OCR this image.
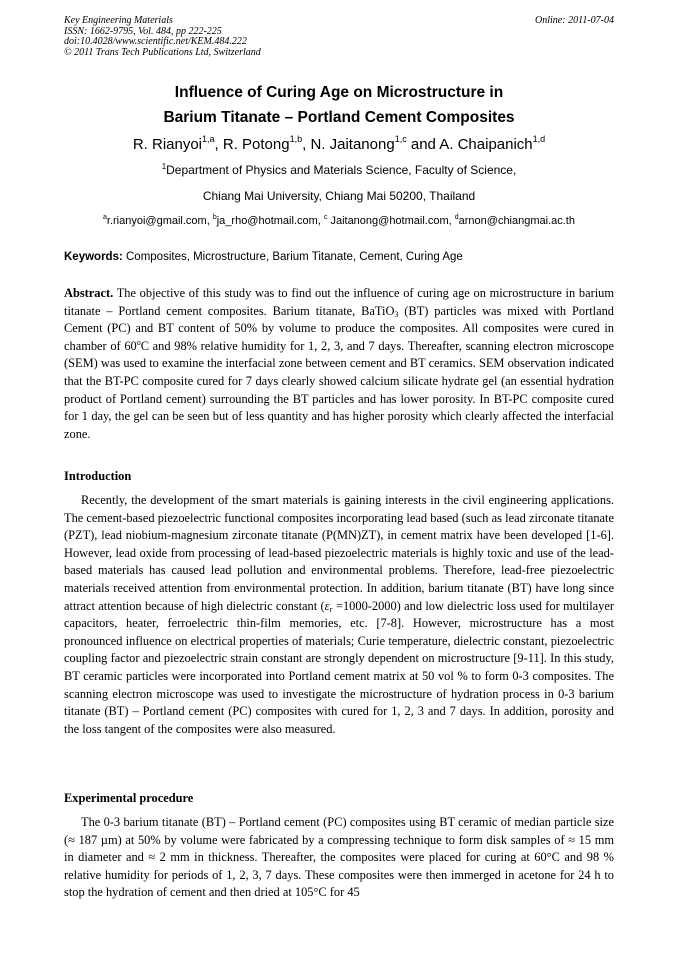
Key Engineering Materials
ISSN: 1662-9795, Vol. 484, pp 222-225
doi:10.4028/www.scientific.net/KEM.484.222
© 2011 Trans Tech Publications Ltd, Switzerland
Online: 2011-07-04
Influence of Curing Age on Microstructure in
Barium Titanate – Portland Cement Composites
R. Rianyoi$^{1,a}$, R. Potong$^{1,b}$, N. Jaitanong$^{1,c}$ and A. Chaipanich$^{1,d}$
$^1$Department of Physics and Materials Science, Faculty of Science,
Chiang Mai University, Chiang Mai 50200, Thailand
$^a$r.rianyoi@gmail.com, $^b$ja_rho@hotmail.com, $^c$ Jaitanong@hotmail.com, $^d$arnon@chiangmai.ac.th
Keywords: Composites, Microstructure, Barium Titanate, Cement, Curing Age
Abstract. The objective of this study was to find out the influence of curing age on microstructure in barium titanate – Portland cement composites. Barium titanate, BaTiO$_3$ (BT) particles was mixed with Portland Cement (PC) and BT content of 50% by volume to produce the composites. All composites were cured in chamber of 60$^o$C and 98% relative humidity for 1, 2, 3, and 7 days. Thereafter, scanning electron microscope (SEM) was used to examine the interfacial zone between cement and BT ceramics. SEM observation indicated that the BT-PC composite cured for 7 days clearly showed calcium silicate hydrate gel (an essential hydration product of Portland cement) surrounding the BT particles and has lower porosity. In BT-PC composite cured for 1 day, the gel can be seen but of less quantity and has higher porosity which clearly affected the interfacial zone.
Introduction
Recently, the development of the smart materials is gaining interests in the civil engineering applications. The cement-based piezoelectric functional composites incorporating lead based (such as lead zirconate titanate (PZT), lead niobium-magnesium zirconate titanate (P(MN)ZT), in cement matrix have been developed [1-6]. However, lead oxide from processing of lead-based piezoelectric materials is highly toxic and use of the lead-based materials has caused lead pollution and environmental problems. Therefore, lead-free piezoelectric materials received attention from environmental protection. In addition, barium titanate (BT) have long since attract attention because of high dielectric constant $(\varepsilon_r =1000-2000)$ and low dielectric loss used for multilayer capacitors, heater, ferroelectric thin-film memories, etc. [7-8]. However, microstructure has a most pronounced influence on electrical properties of materials; Curie temperature, dielectric constant, piezoelectric coupling factor and piezoelectric strain constant are strongly dependent on microstructure [9-11]. In this study, BT ceramic particles were incorporated into Portland cement matrix at 50 vol % to form 0-3 composites. The scanning electron microscope was used to investigate the microstructure of hydration process in 0-3 barium titanate (BT) – Portland cement (PC) composites with cured for 1, 2, 3 and 7 days. In addition, porosity and the loss tangent of the composites were also measured.
Experimental procedure
The 0-3 barium titanate (BT) – Portland cement (PC) composites using BT ceramic of median particle size (≈ 187 µm) at 50% by volume were fabricated by a compressing technique to form disk samples of ≈ 15 mm in diameter and ≈ 2 mm in thickness. Thereafter, the composites were placed for curing at 60°C and 98 % relative humidity for periods of 1, 2, 3, 7 days. These composites were then immerged in acetone for 24 h to stop the hydration of cement and then dried at 105°C for 45
